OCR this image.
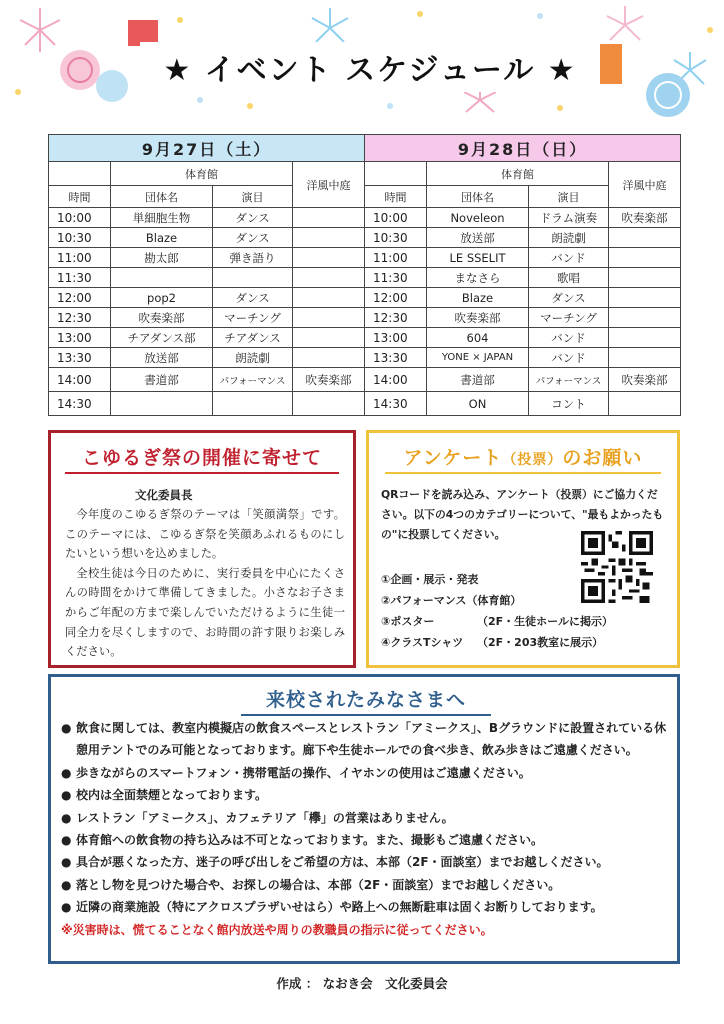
★ イベント スケジュール ★
9月27日（土）			
	体育館		洋風中庭
時間	団体名	演目	
10:00	単細胞生物	ダンス	
10:30	Blaze	ダンス	
11:00	勘太郎	弾き語り	
11:30			
12:00	pop2	ダンス	
12:30	吹奏楽部	マーチング	
13:00	チアダンス部	チアダンス	
13:30	放送部	朗読劇	
14:00	書道部	パフォーマンス	吹奏楽部
14:30			
9月28日（日）			
	体育館		洋風中庭
時間	団体名	演目	
10:00	Noveleon	ドラム演奏	吹奏楽部
10:30	放送部	朗読劇	
11:00	LE SSELIT	バンド	
11:30	まなさら	歌唱	
12:00	Blaze	ダンス	
12:30	吹奏楽部	マーチング	
13:00	604	バンド	
13:30	YONE × JAPAN	バンド	
14:00	書道部	パフォーマンス	吹奏楽部
14:30	ON	コント	
こゆるぎ祭の開催に寄せて
文化委員長

今年度のこゆるぎ祭のテーマは「笑顔満祭」です。このテーマには、こゆるぎ祭を笑顔あふれるものにしたいという想いを込めました。

全校生徒は今日のために、実行委員を中心にたくさんの時間をかけて準備してきました。小さなお子さまからご年配の方まで楽しんでいただけるように生徒一同全力を尽くしますので、お時間の許す限りお楽しみください。

アンケート（投票）のお願い
QRコードを読み込み、アンケート（投票）にご協力ください。以下の4つのカテゴリーについて、"最もよかったもの"に投票してください。
①企画・展示・発表
②パフォーマンス（体育館）
③ポスター	（2F・生徒ホールに掲示）
④クラスTシャツ （2F・203教室に展示）
来校されたみなさまへ
● 飲食に関しては、教室内模擬店の飲食スペースとレストラン「アミークス」、Bグラウンドに設置されている休憩用テントでのみ可能となっております。廊下や生徒ホールでの食べ歩き、飲み歩きはご遠慮ください。
● 歩きながらのスマートフォン・携帯電話の操作、イヤホンの使用はご遠慮ください。
● 校内は全面禁煙となっております。
● レストラン「アミークス」、カフェテリア「欅」の営業はありません。
● 体育館への飲食物の持ち込みは不可となっております。また、撮影もご遠慮ください。
● 具合が悪くなった方、迷子の呼び出しをご希望の方は、本部（2F・面談室）までお越しください。
● 落とし物を見つけた場合や、お探しの場合は、本部（2F・面談室）までお越しください。
● 近隣の商業施設（特にアクロスプラザいせはら）や路上への無断駐車は固くお断りしております。
※災害時は、慌てることなく館内放送や周りの教職員の指示に従ってください。
作成 ： なおき会　文化委員会
